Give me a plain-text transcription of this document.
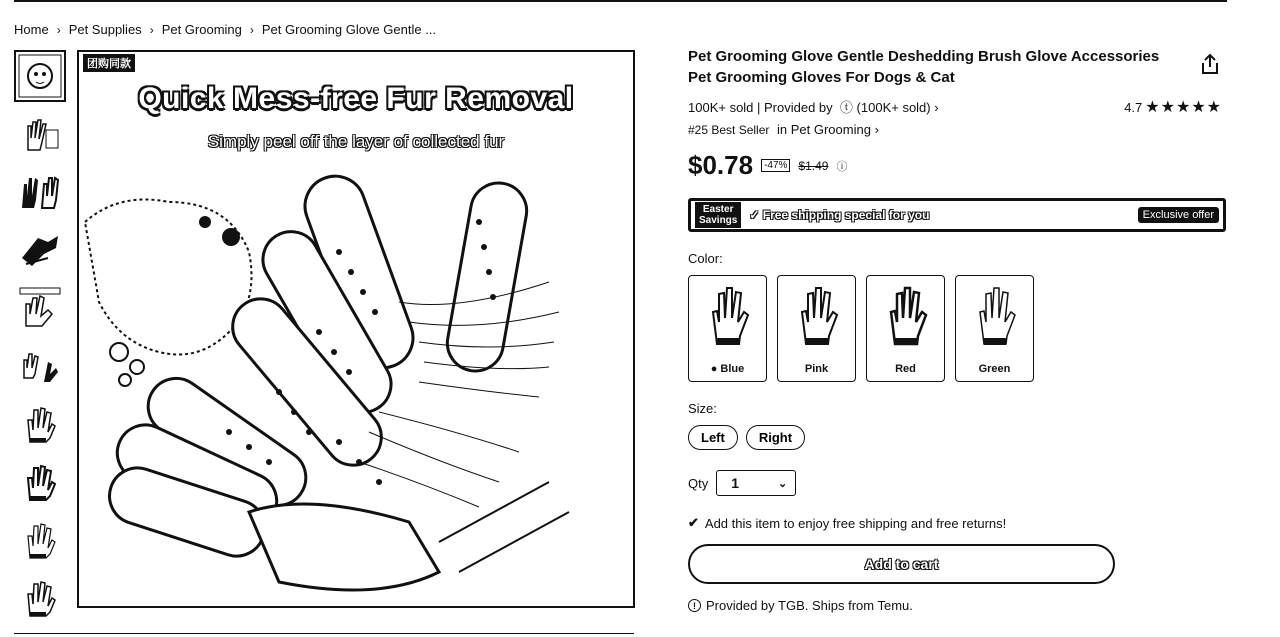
Home › Pet Supplies › Pet Grooming › Pet Grooming Glove Gentle ...
团购同款
Quick Mess-free Fur Removal
Simply peel off the layer of collected fur
Pet Grooming Glove Gentle Deshedding Brush Glove Accessories Pet Grooming Gloves For Dogs & Cat
100K+ sold | Provided by  ⓣ (100K+ sold) ›	4.7 ★★★★★
#25 Best Seller in Pet Grooming ›
$0.78	-47% $1.49 ⓘ
Easter
Savings ✓ Free shipping special for you	Exclusive offer
Color:
● Blue	Pink	Red	Green
Size:
Left	Right
Qty 1	⌄
✔ Add this item to enjoy free shipping and free returns!
Add to cart
! Provided by TGB. Ships from Temu.
